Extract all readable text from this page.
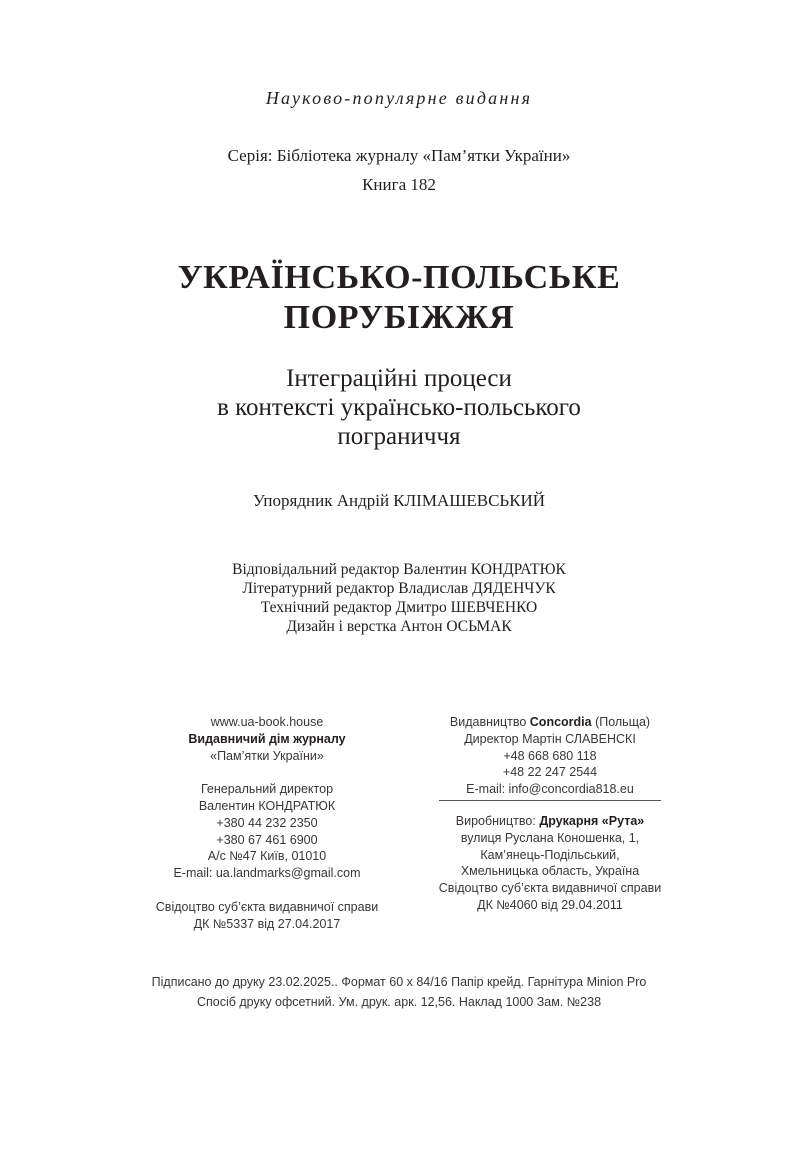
Науково-популярне видання
Серія: Бібліотека журналу «Пам’ятки України»
Книга 182
УКРАЇНСЬКО-ПОЛЬСЬКЕ
ПОРУБІЖЖЯ
Інтеграційні процеси
в контексті українсько-польського
пограниччя
Упорядник Андрій КЛІМАШЕВСЬКИЙ
Відповідальний редактор Валентин КОНДРАТЮК
Літературний редактор Владислав ДЯДЕНЧУК
Технічний редактор Дмитро ШЕВЧЕНКО
Дизайн і верстка Антон ОСЬМАК
www.ua-book.house
Видавничий дім журналу
«Пам’ятки України»
Генеральний директор
Валентин КОНДРАТЮК
+380 44 232 2350
+380 67 461 6900
А/с №47 Київ, 01010
E-mail: ua.landmarks@gmail.com
Свідоцтво суб’єкта видавничої справи
ДК №5337 від 27.04.2017
Видавництво Concordia (Польща)
Директор Мартін СЛАВЕНСКІ
+48 668 680 118
+48 22 247 2544
E-mail: info@concordia818.eu
Виробництво: Друкарня «Рута»
вулиця Руслана Коношенка, 1,
Кам’янець-Подільський,
Хмельницька область, Україна
Свідоцтво суб’єкта видавничої справи
ДК №4060 від 29.04.2011
Підписано до друку 23.02.2025.. Формат 60 x 84/16 Папір крейд. Гарнітура Minion Pro
Спосіб друку офсетний. Ум. друк. арк. 12,56. Наклад 1000 Зам. №238
